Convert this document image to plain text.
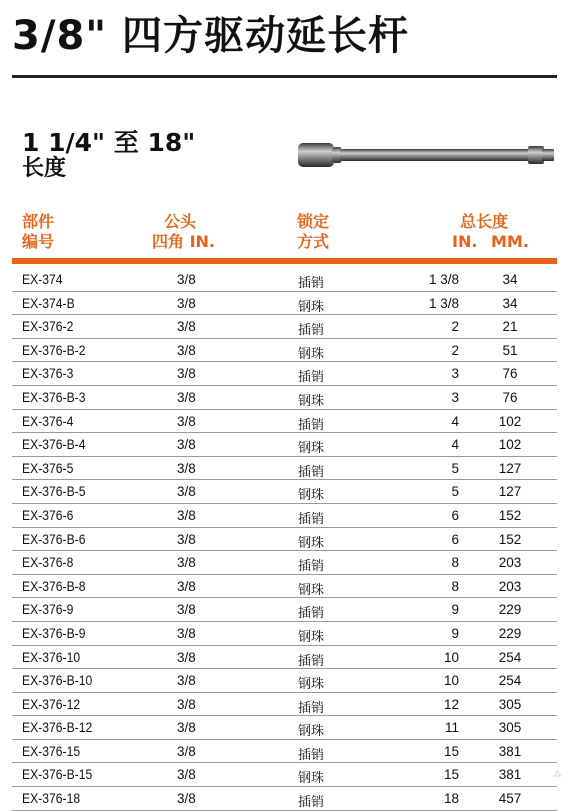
3/8" 四方驱动延长杆
1 1/4" 至 18"
长度
部件
编号
公头
四角 IN.
锁定
方式
总长度
IN. MM.
EX-374	3/8	插销	1 3/8	34
EX-374-B	3/8	钢珠	1 3/8	34
EX-376-2	3/8	插销	2	21
EX-376-B-2	3/8	钢珠	2	51
EX-376-3	3/8	插销	3	76
EX-376-B-3	3/8	钢珠	3	76
EX-376-4	3/8	插销	4	102
EX-376-B-4	3/8	钢珠	4	102
EX-376-5	3/8	插销	5	127
EX-376-B-5	3/8	钢珠	5	127
EX-376-6	3/8	插销	6	152
EX-376-B-6	3/8	钢珠	6	152
EX-376-8	3/8	插销	8	203
EX-376-B-8	3/8	钢珠	8	203
EX-376-9	3/8	插销	9	229
EX-376-B-9	3/8	钢珠	9	229
EX-376-10	3/8	插销	10	254
EX-376-B-10	3/8	钢珠	10	254
EX-376-12	3/8	插销	12	305
EX-376-B-12	3/8	钢珠	11	305
EX-376-15	3/8	插销	15	381
EX-376-B-15	3/8	钢珠	15	381
EX-376-18	3/8	插销	18	457
⁂
